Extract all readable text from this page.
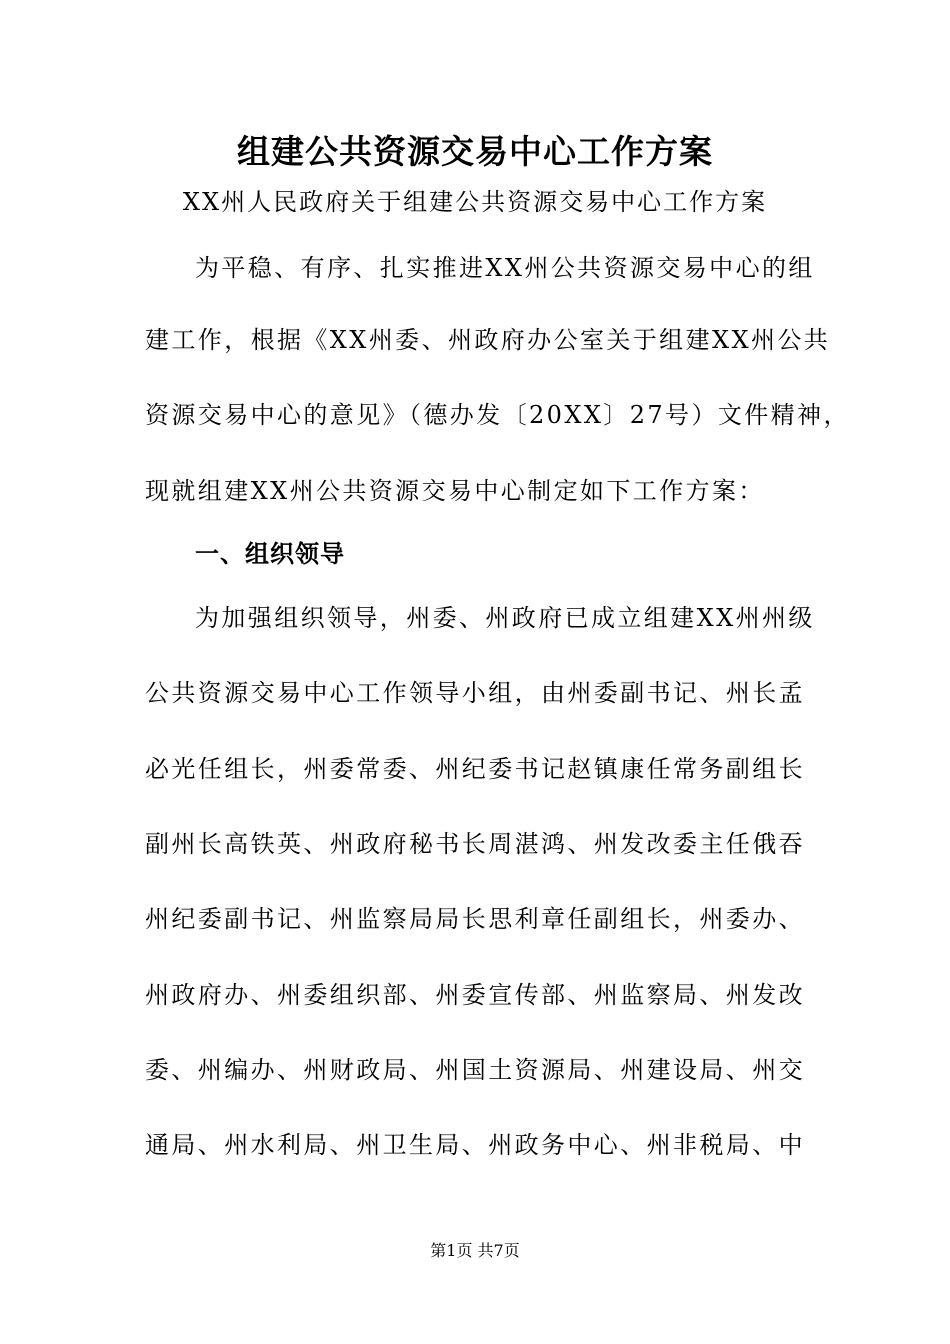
组建公共资源交易中心工作方案

XX州人民政府关于组建公共资源交易中心工作方案

为平稳、有序、扎实推进XX州公共资源交易中心的组

建工作，根据《XX州委、州政府办公室关于组建XX州公共

资源交易中心的意见》（德办发〔20XX〕27号）文件精神，

现就组建XX州公共资源交易中心制定如下工作方案：

一、组织领导

为加强组织领导，州委、州政府已成立组建XX州州级

公共资源交易中心工作领导小组，由州委副书记、州长孟

必光任组长，州委常委、州纪委书记赵镇康任常务副组长

副州长高铁英、州政府秘书长周湛鸿、州发改委主任俄吞

州纪委副书记、州监察局局长思利章任副组长，州委办、

州政府办、州委组织部、州委宣传部、州监察局、州发改

委、州编办、州财政局、州国土资源局、州建设局、州交

通局、州水利局、州卫生局、州政务中心、州非税局、中

第1页 共7页
